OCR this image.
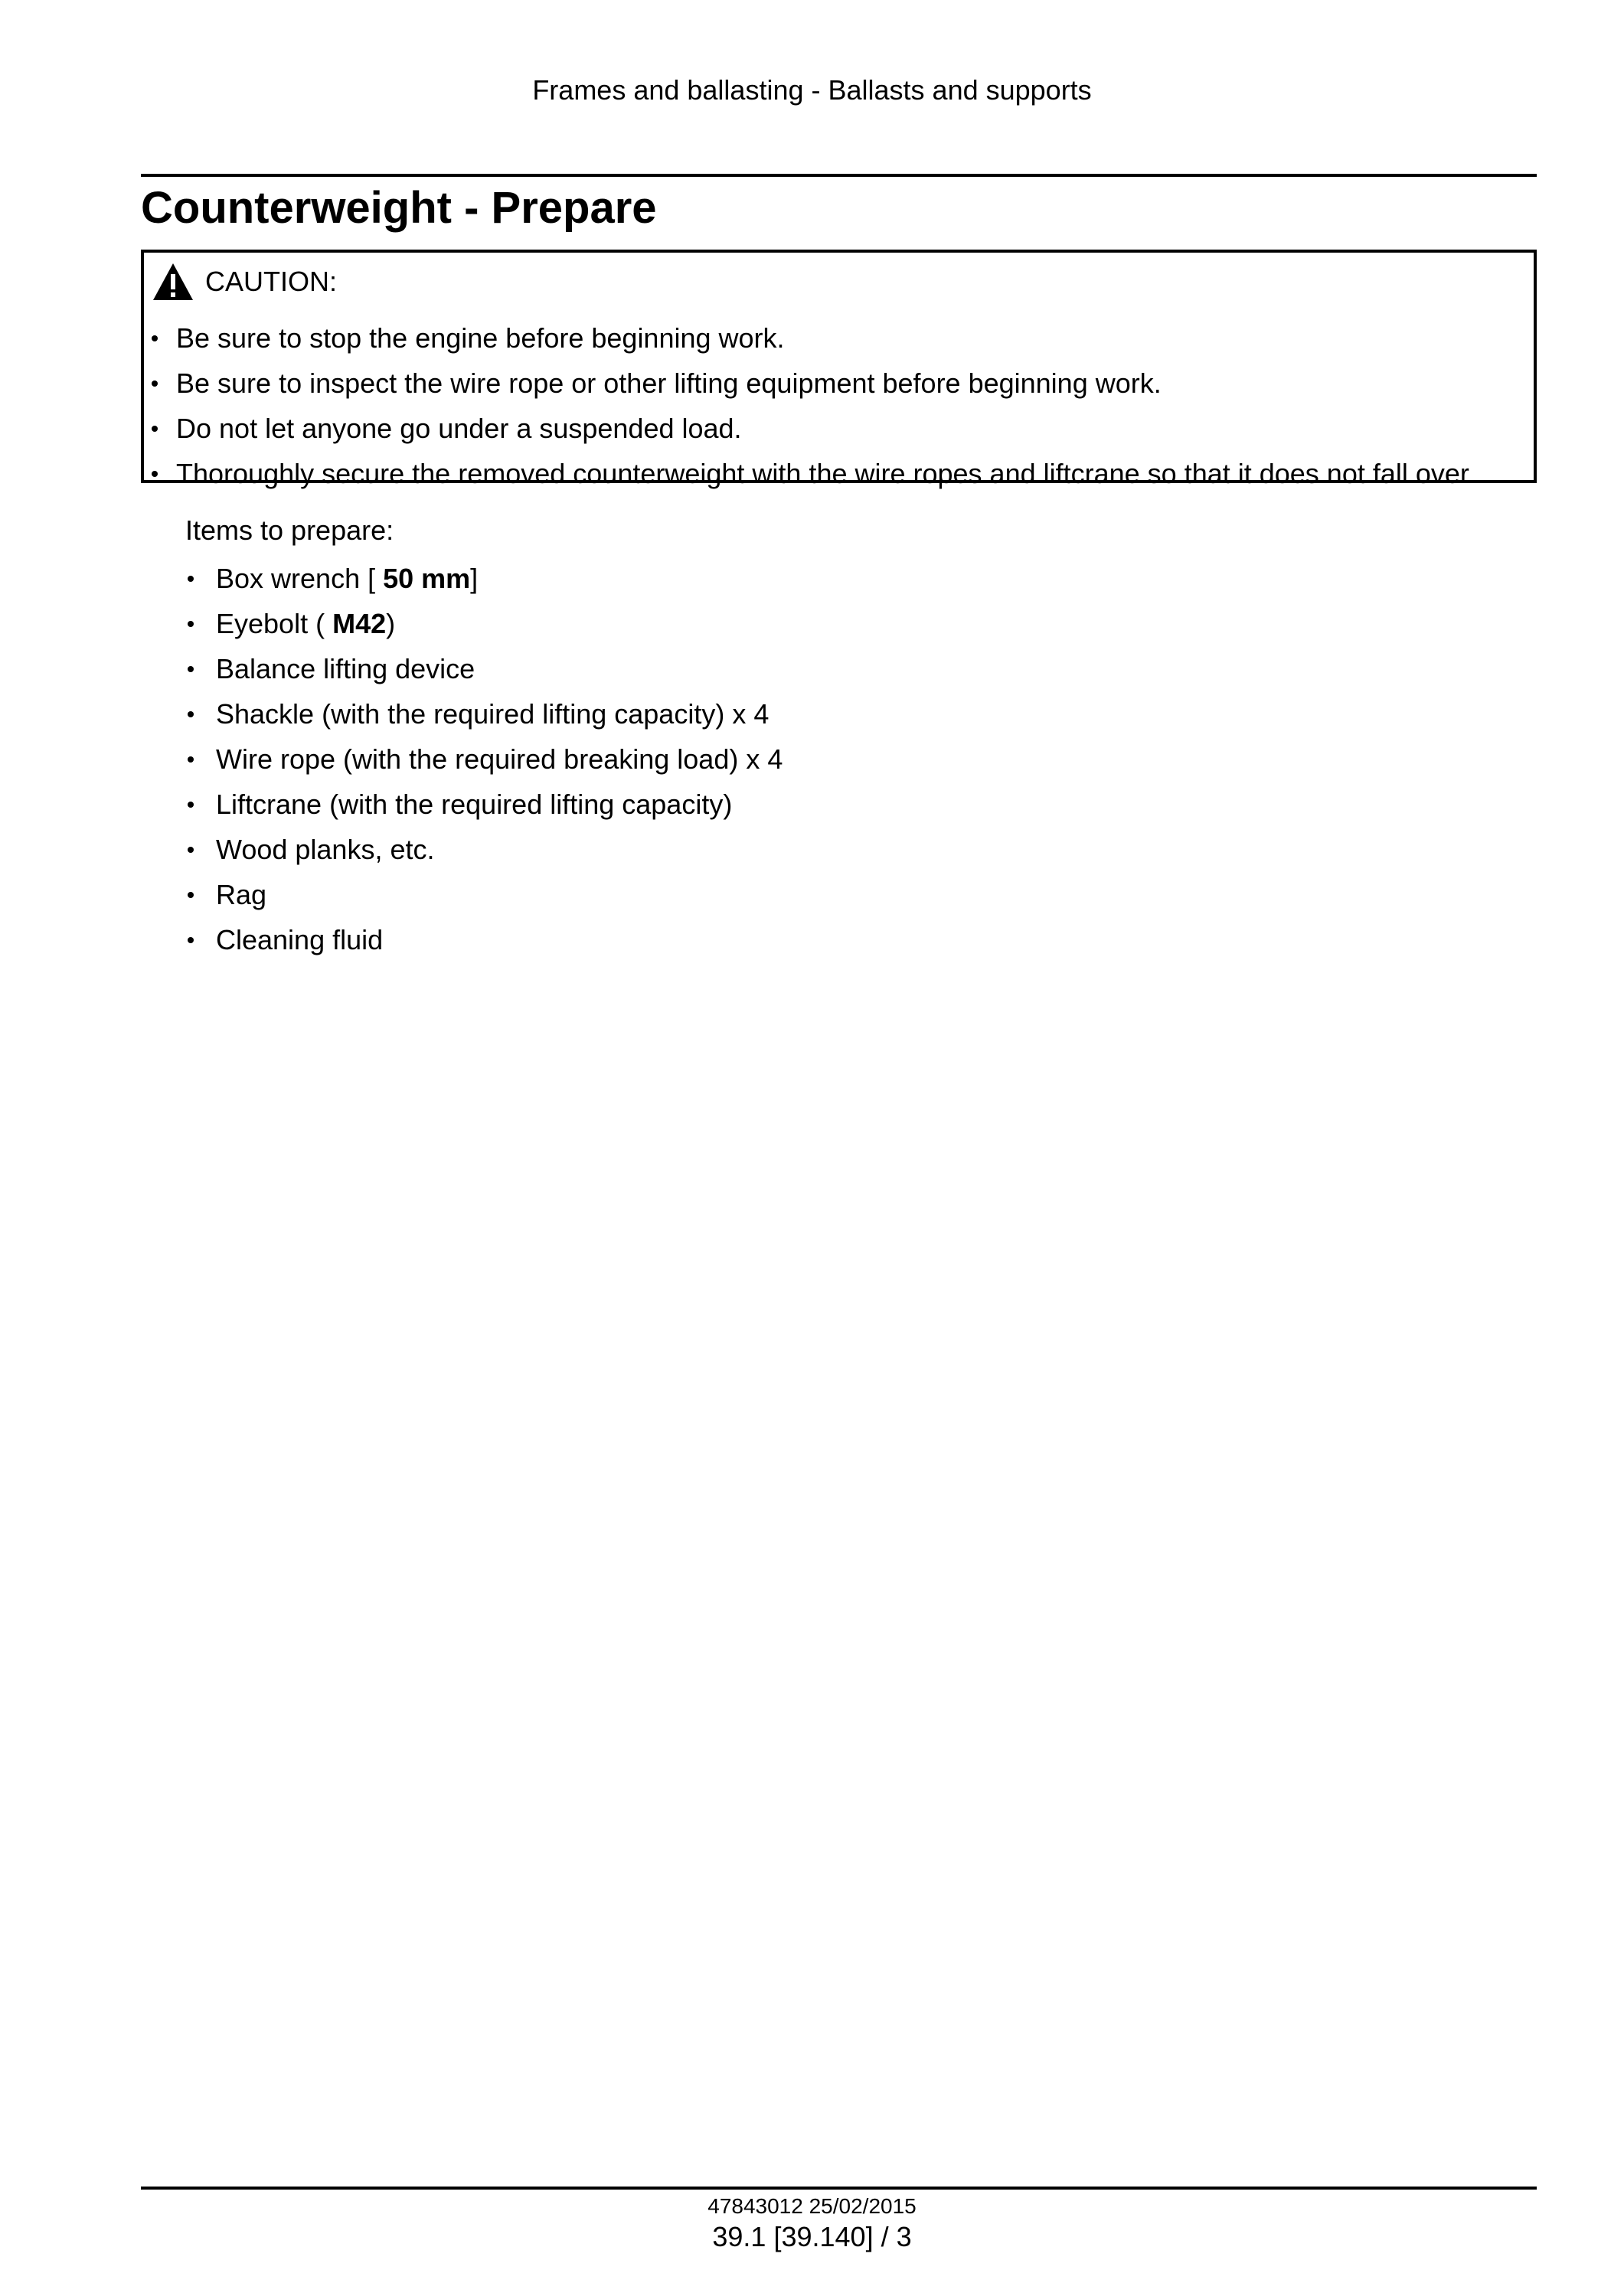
Frames and ballasting - Ballasts and supports
Counterweight - Prepare
CAUTION:
Be sure to stop the engine before beginning work.
Be sure to inspect the wire rope or other lifting equipment before beginning work.
Do not let anyone go under a suspended load.
Thoroughly secure the removed counterweight with the wire ropes and liftcrane so that it does not fall over.

Items to prepare:

Box wrench [ 50 mm]
Eyebolt ( M42)
Balance lifting device
Shackle (with the required lifting capacity) x 4
Wire rope (with the required breaking load) x 4
Liftcrane (with the required lifting capacity)
Wood planks, etc.
Rag
Cleaning fluid
47843012 25/02/2015
39.1 [39.140] / 3
